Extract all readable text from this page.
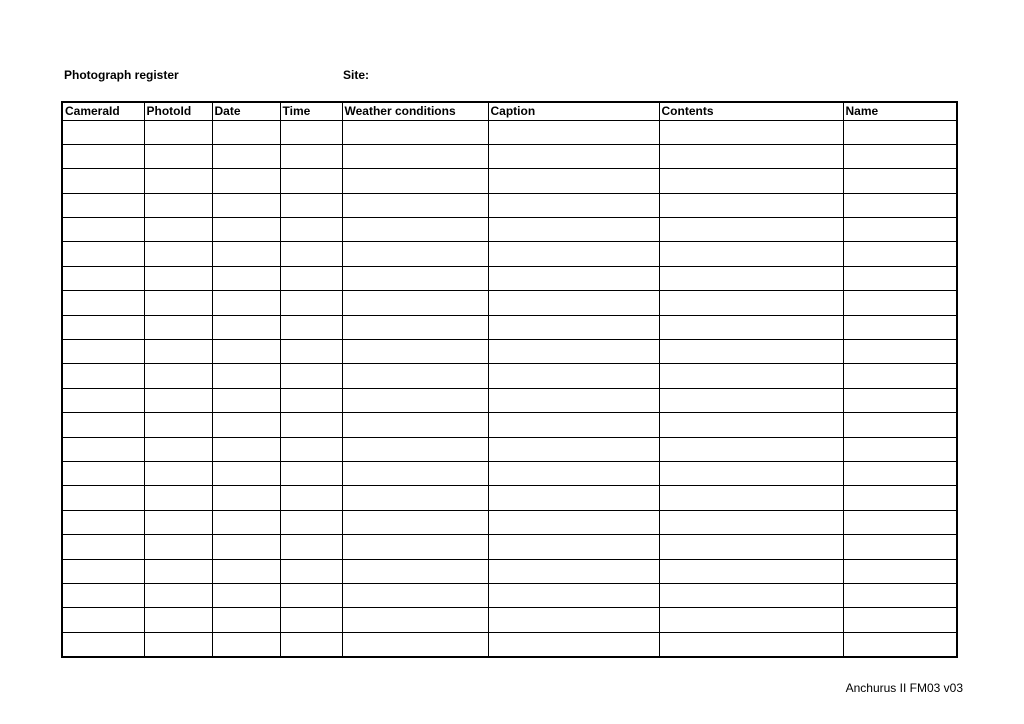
Photograph register	Site:
CameraId	PhotoId	Date	Time	Weather conditions	Caption	Contents	Name

Anchurus II FM03 v03
